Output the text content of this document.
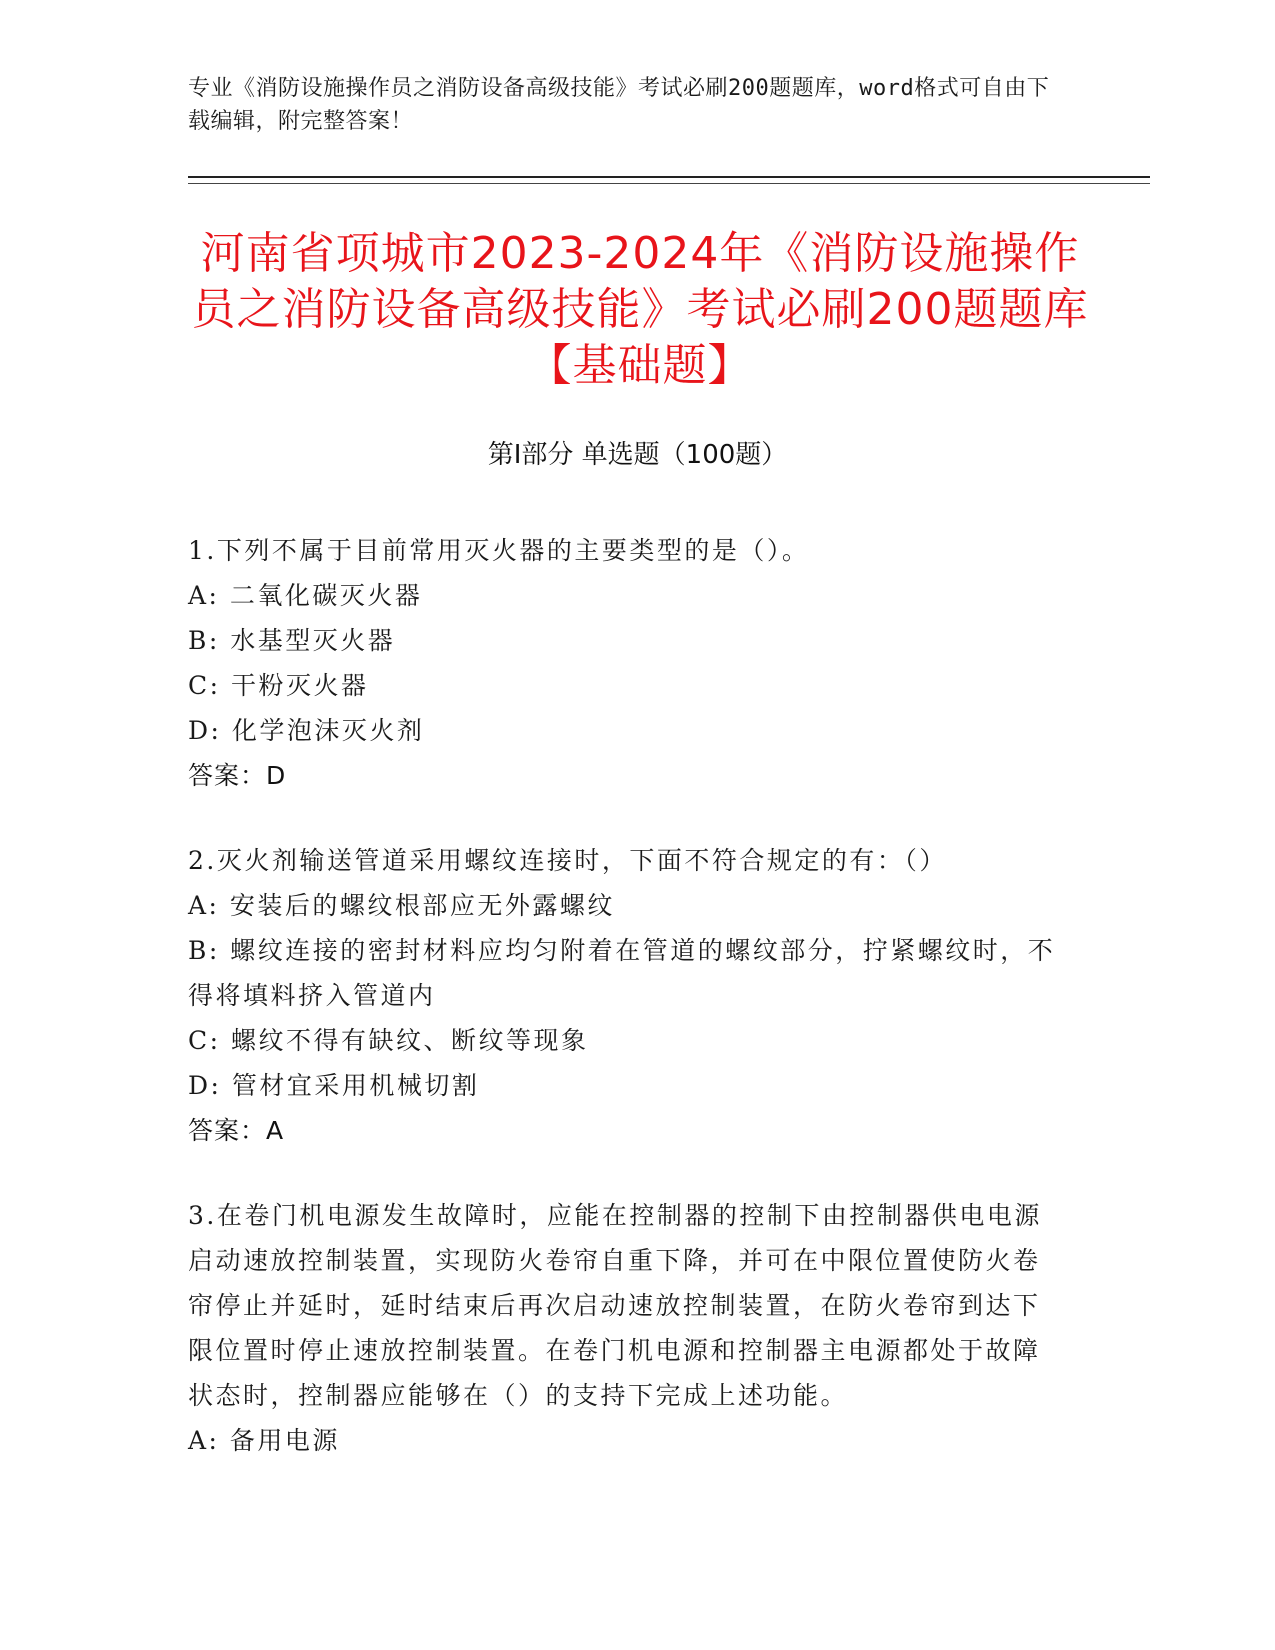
专业《消防设施操作员之消防设备高级技能》考试必刷200题题库，word格式可自由下载编辑，附完整答案！
河南省项城市2023-2024年《消防设施操作员之消防设备高级技能》考试必刷200题题库【基础题】
第I部分 单选题（100题）

1.下列不属于目前常用灭火器的主要类型的是（）。

A: 二氧化碳灭火器

B: 水基型灭火器

C: 干粉灭火器

D: 化学泡沫灭火剂

答案：D

2.灭火剂输送管道采用螺纹连接时，下面不符合规定的有：（）

A: 安装后的螺纹根部应无外露螺纹

B: 螺纹连接的密封材料应均匀附着在管道的螺纹部分，拧紧螺纹时，不得将填料挤入管道内

C: 螺纹不得有缺纹、断纹等现象

D: 管材宜采用机械切割

答案：A

3.在卷门机电源发生故障时，应能在控制器的控制下由控制器供电电源启动速放控制装置，实现防火卷帘自重下降，并可在中限位置使防火卷帘停止并延时，延时结束后再次启动速放控制装置，在防火卷帘到达下限位置时停止速放控制装置。在卷门机电源和控制器主电源都处于故障状态时，控制器应能够在（）的支持下完成上述功能。

A: 备用电源
